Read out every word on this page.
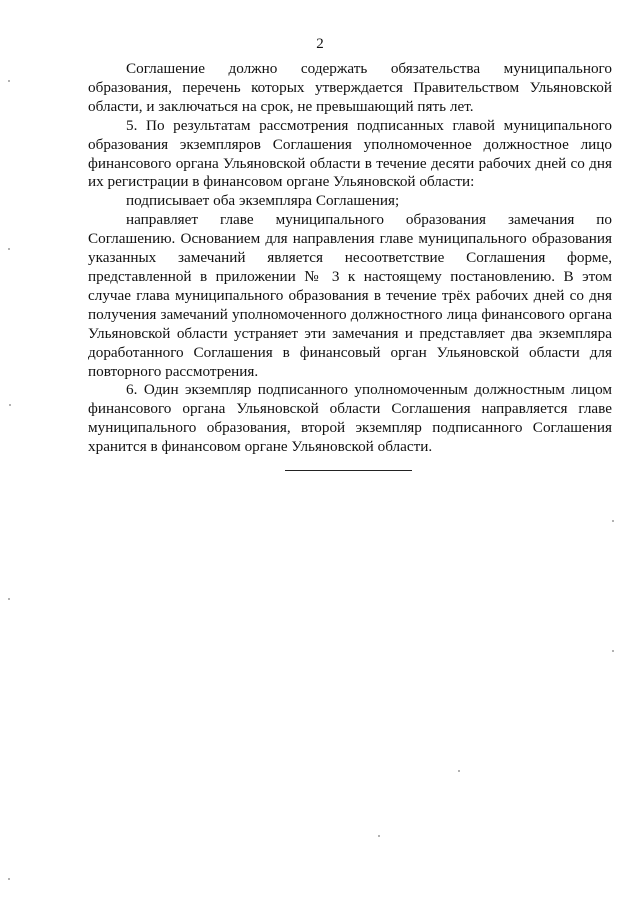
2

Соглашение должно содержать обязательства муниципального образования, перечень которых утверждается Правительством Ульяновской области, и заключаться на срок, не превышающий пять лет.

5. По результатам рассмотрения подписанных главой муниципального образования экземпляров Соглашения уполномоченное должностное лицо финансового органа Ульяновской области в течение десяти рабочих дней со дня их регистрации в финансовом органе Ульяновской области:

подписывает оба экземпляра Соглашения;

направляет главе муниципального образования замечания по Соглашению. Основанием для направления главе муниципального образования указанных замечаний является несоответствие Соглашения форме, представленной в приложении № 3 к настоящему постановлению. В этом случае глава муниципального образования в течение трёх рабочих дней со дня получения замечаний уполномоченного должностного лица финансового органа Ульяновской области устраняет эти замечания и представляет два экземпляра доработанного Соглашения в финансовый орган Ульяновской области для повторного рассмотрения.

6. Один экземпляр подписанного уполномоченным должностным лицом финансового органа Ульяновской области Соглашения направляется главе муниципального образования, второй экземпляр подписанного Соглашения хранится в финансовом органе Ульяновской области.
